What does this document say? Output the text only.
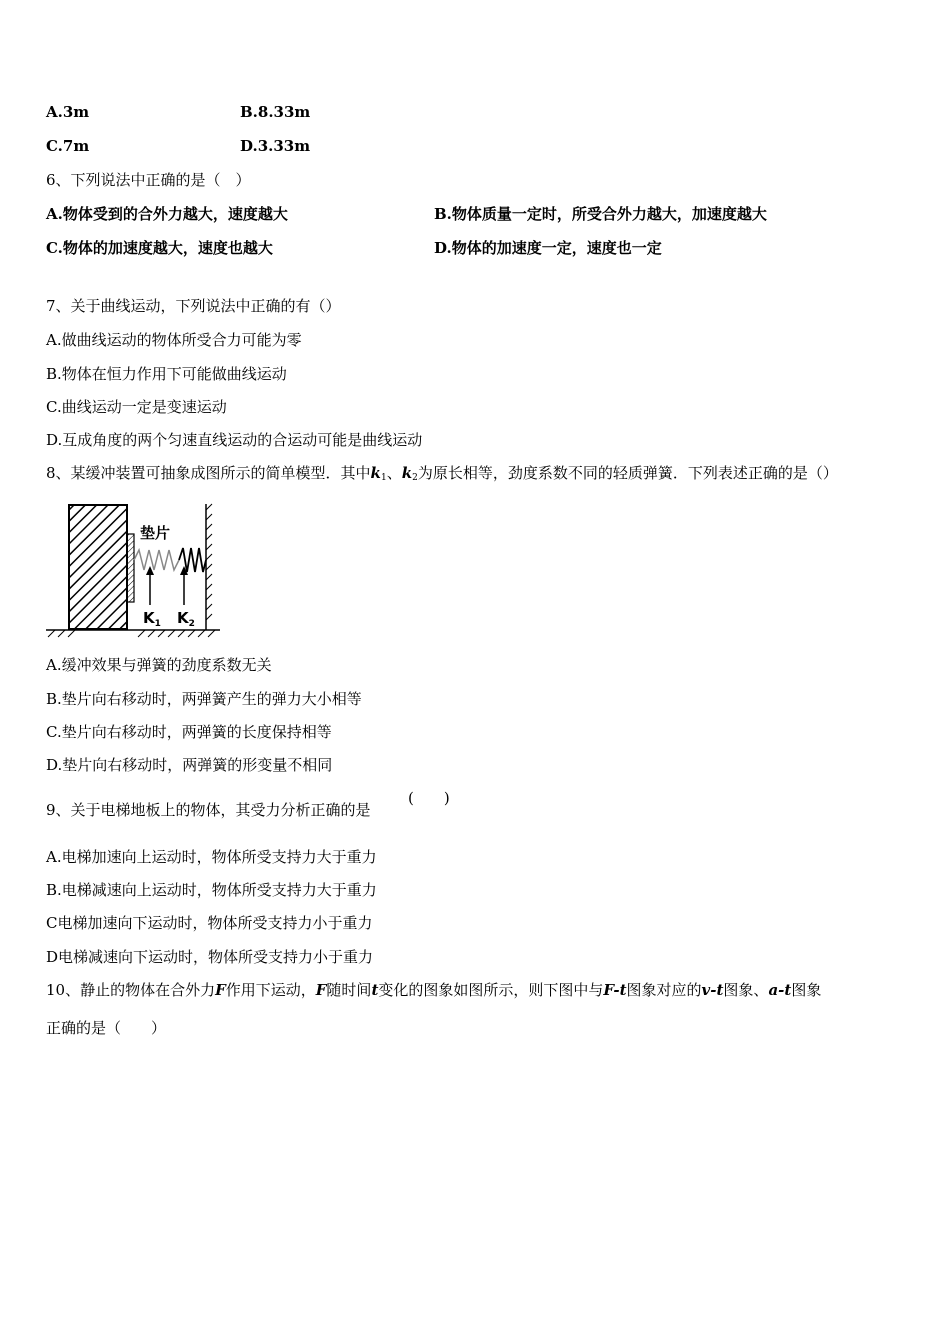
A.3m	B.8.33m
C.7m	D.3.33m
6、下列说法中正确的是（　）
A.物体受到的合外力越大，速度越大	B.物体质量一定时，所受合外力越大，加速度越大
C.物体的加速度越大，速度也越大	D.物体的加速度一定，速度也一定
7、关于曲线运动，下列说法中正确的有（）
A.做曲线运动的物体所受合力可能为零
B.物体在恒力作用下可能做曲线运动
C.曲线运动一定是变速运动
D.互成角度的两个匀速直线运动的合运动可能是曲线运动
8、某缓冲装置可抽象成图所示的简单模型．其中$k_1$、$k_2$为原长相等，劲度系数不同的轻质弹簧．下列表述正确的是（）
垫片
$K_1$ $K_2$
A.缓冲效果与弹簧的劲度系数无关
B.垫片向右移动时，两弹簧产生的弹力大小相等
C.垫片向右移动时，两弹簧的长度保持相等
D.垫片向右移动时，两弹簧的形变量不相同
9、关于电梯地板上的物体，其受力分析正确的是
(　　)
A.电梯加速向上运动时，物体所受支持力大于重力
B.电梯减速向上运动时，物体所受支持力大于重力
C电梯加速向下运动时，物体所受支持力小于重力
D电梯减速向下运动时，物体所受支持力小于重力
10、静止的物体在合外力F作用下运动，F随时间t变化的图象如图所示，则下图中与F-t图象对应的v-t图象、a-t图象
正确的是（　　）
